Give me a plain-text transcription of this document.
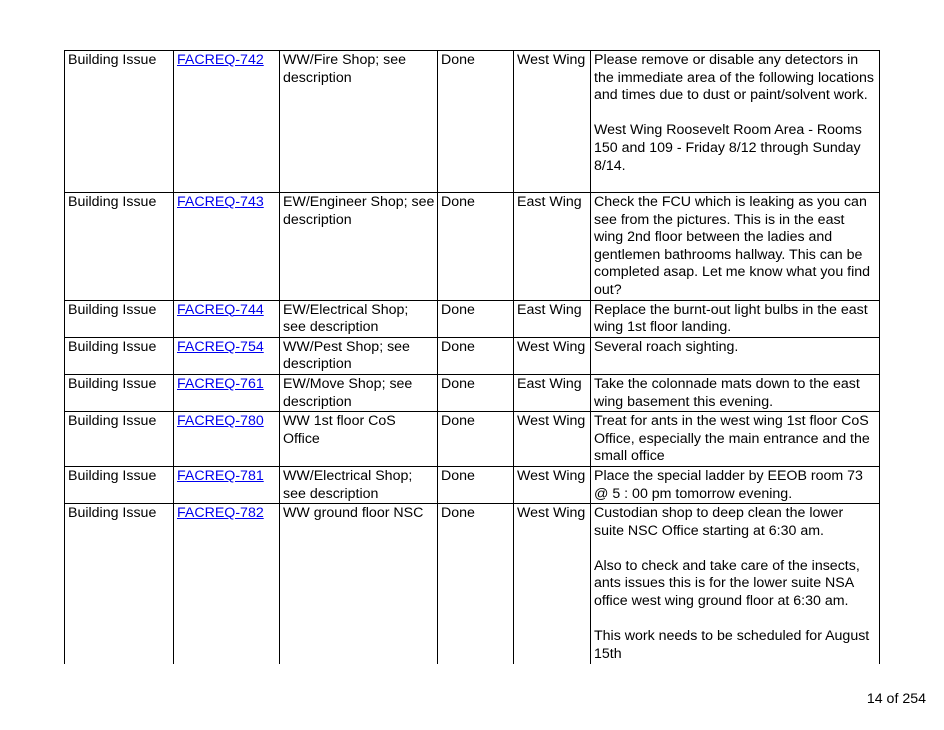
Building Issue	FACREQ-742	WW/Fire Shop; see description	Done	West Wing	Please remove or disable any detectors in the immediate area of the following locations and times due to dust or paint/solvent work.

West Wing Roosevelt Room Area - Rooms 150 and 109 - Friday 8/12 through Sunday 8/14.

Building Issue	FACREQ-743	EW/Engineer Shop; see description	Done	East Wing	Check the FCU which is leaking as you can see from the pictures. This is in the east wing 2nd floor between the ladies and gentlemen bathrooms hallway. This can be completed asap. Let me know what you find out?

Building Issue	FACREQ-744	EW/Electrical Shop; see description	Done	East Wing	Replace the burnt-out light bulbs in the east wing 1st floor landing.

Building Issue	FACREQ-754	WW/Pest Shop; see description	Done	West Wing	Several roach sighting.

Building Issue	FACREQ-761	EW/Move Shop; see description	Done	East Wing	Take the colonnade mats down to the east wing basement this evening.

Building Issue	FACREQ-780	WW 1st floor CoS Office	Done	West Wing	Treat for ants in the west wing 1st floor CoS Office, especially the main entrance and the small office

Building Issue	FACREQ-781	WW/Electrical Shop; see description	Done	West Wing	Place the special ladder by EEOB room 73 @ 5 : 00 pm tomorrow evening.

Building Issue	FACREQ-782	WW ground floor NSC	Done	West Wing	Custodian shop to deep clean the lower suite NSC Office starting at 6:30 am.

Also to check and take care of the insects, ants issues this is for the lower suite NSA office west wing ground floor at 6:30 am.

This work needs to be scheduled for August 15th

14 of 254
